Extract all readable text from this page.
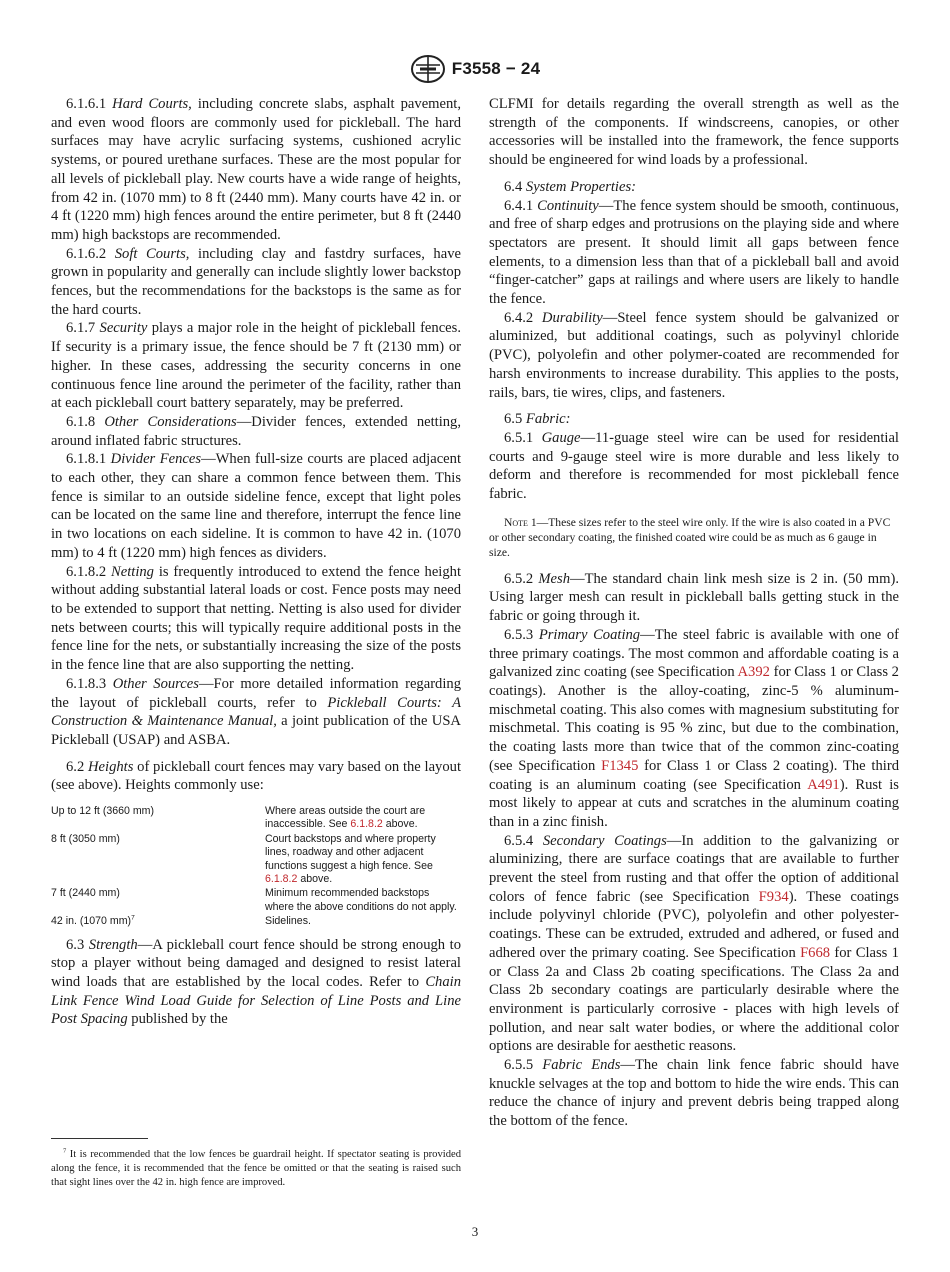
F3558 − 24

6.1.6.1 Hard Courts, including concrete slabs, asphalt pavement, and even wood floors are commonly used for pickleball. The hard surfaces may have acrylic surfacing systems, cushioned acrylic systems, or poured urethane surfaces. These are the most popular for all levels of pickleball play. New courts have a wide range of heights, from 42 in. (1070 mm) to 8 ft (2440 mm). Many courts have 42 in. or 4 ft (1220 mm) high fences around the entire perimeter, but 8 ft (2440 mm) high backstops are recommended.

6.1.6.2 Soft Courts, including clay and fastdry surfaces, have grown in popularity and generally can include slightly lower backstop fences, but the recommendations for the backstops is the same as for the hard courts.

6.1.7 Security plays a major role in the height of pickleball fences. If security is a primary issue, the fence should be 7 ft (2130 mm) or higher. In these cases, addressing the security concerns in one continuous fence line around the perimeter of the facility, rather than at each pickleball court battery separately, may be preferred.

6.1.8 Other Considerations—Divider fences, extended netting, around inflated fabric structures.

6.1.8.1 Divider Fences—When full-size courts are placed adjacent to each other, they can share a common fence between them. This fence is similar to an outside sideline fence, except that light poles can be located on the same line and therefore, interrupt the fence line in two locations on each sideline. It is common to have 42 in. (1070 mm) to 4 ft (1220 mm) high fences as dividers.

6.1.8.2 Netting is frequently introduced to extend the fence height without adding substantial lateral loads or cost. Fence posts may need to be extended to support that netting. Netting is also used for divider nets between courts; this will typically require additional posts in the fence line for the nets, or substantially increasing the size of the posts in the fence line that are also supporting the netting.

6.1.8.3 Other Sources—For more detailed information regarding the layout of pickleball courts, refer to Pickleball Courts: A Construction & Maintenance Manual, a joint publication of the USA Pickleball (USAP) and ASBA.

6.2 Heights of pickleball court fences may vary based on the layout (see above). Heights commonly use:

Up to 12 ft (3660 mm)	Where areas outside the court are inaccessible. See 6.1.8.2 above.
8 ft (3050 mm)	Court backstops and where property lines, roadway and other adjacent functions suggest a high fence. See 6.1.8.2 above.
7 ft (2440 mm)	Minimum recommended backstops where the above conditions do not apply.
42 in. (1070 mm)$^7$	Sidelines.

6.3 Strength—A pickleball court fence should be strong enough to stop a player without being damaged and designed to resist lateral wind loads that are established by the local codes. Refer to Chain Link Fence Wind Load Guide for Selection of Line Posts and Line Post Spacing published by the

$^7$ It is recommended that the low fences be guardrail height. If spectator seating is provided along the fence, it is recommended that the fence be omitted or that the seating is raised such that sight lines over the 42 in. high fence are improved.

CLFMI for details regarding the overall strength as well as the strength of the components. If windscreens, canopies, or other accessories will be installed into the framework, the fence supports should be engineered for wind loads by a professional.

6.4 System Properties:

6.4.1 Continuity—The fence system should be smooth, continuous, and free of sharp edges and protrusions on the playing side and where spectators are present. It should limit all gaps between fence elements, to a dimension less than that of a pickleball ball and avoid “finger-catcher” gaps at railings and where users are likely to handle the fence.

6.4.2 Durability—Steel fence system should be galvanized or aluminized, but additional coatings, such as polyvinyl chloride (PVC), polyolefin and other polymer-coated are recommended for harsh environments to increase durability. This applies to the posts, rails, bars, tie wires, clips, and fasteners.

6.5 Fabric:

6.5.1 Gauge—11-guage steel wire can be used for residential courts and 9-gauge steel wire is more durable and less likely to deform and therefore is recommended for most pickleball fence fabric.

Note 1—These sizes refer to the steel wire only. If the wire is also coated in a PVC or other secondary coating, the finished coated wire could be as much as 6 gauge in size.

6.5.2 Mesh—The standard chain link mesh size is 2 in. (50 mm). Using larger mesh can result in pickleball balls getting stuck in the fabric or going through it.

6.5.3 Primary Coating—The steel fabric is available with one of three primary coatings. The most common and affordable coating is a galvanized zinc coating (see Specification A392 for Class 1 or Class 2 coatings). Another is the alloy-coating, zinc-5 % aluminum-mischmetal coating. This also comes with magnesium substituting for mischmetal. This coating is 95 % zinc, but due to the combination, the coating lasts more than twice that of the common zinc-coating (see Specification F1345 for Class 1 or Class 2 coating). The third coating is an aluminum coating (see Specification A491). Rust is most likely to appear at cuts and scratches in the aluminum coating than in a zinc finish.

6.5.4 Secondary Coatings—In addition to the galvanizing or aluminizing, there are surface coatings that are available to further prevent the steel from rusting and that offer the option of additional colors of fence fabric (see Specification F934). These coatings include polyvinyl chloride (PVC), polyolefin and other polyester-coatings. These can be extruded, extruded and adhered, or fused and adhered over the primary coating. See Specification F668 for Class 1 or Class 2a and Class 2b coating specifications. The Class 2a and Class 2b secondary coatings are particularly desirable where the environment is particularly corrosive - places with high levels of pollution, and near salt water bodies, or where the additional color options are desirable for aesthetic reasons.

6.5.5 Fabric Ends—The chain link fence fabric should have knuckle selvages at the top and bottom to hide the wire ends. This can reduce the chance of injury and prevent debris being trapped along the bottom of the fence.

3
